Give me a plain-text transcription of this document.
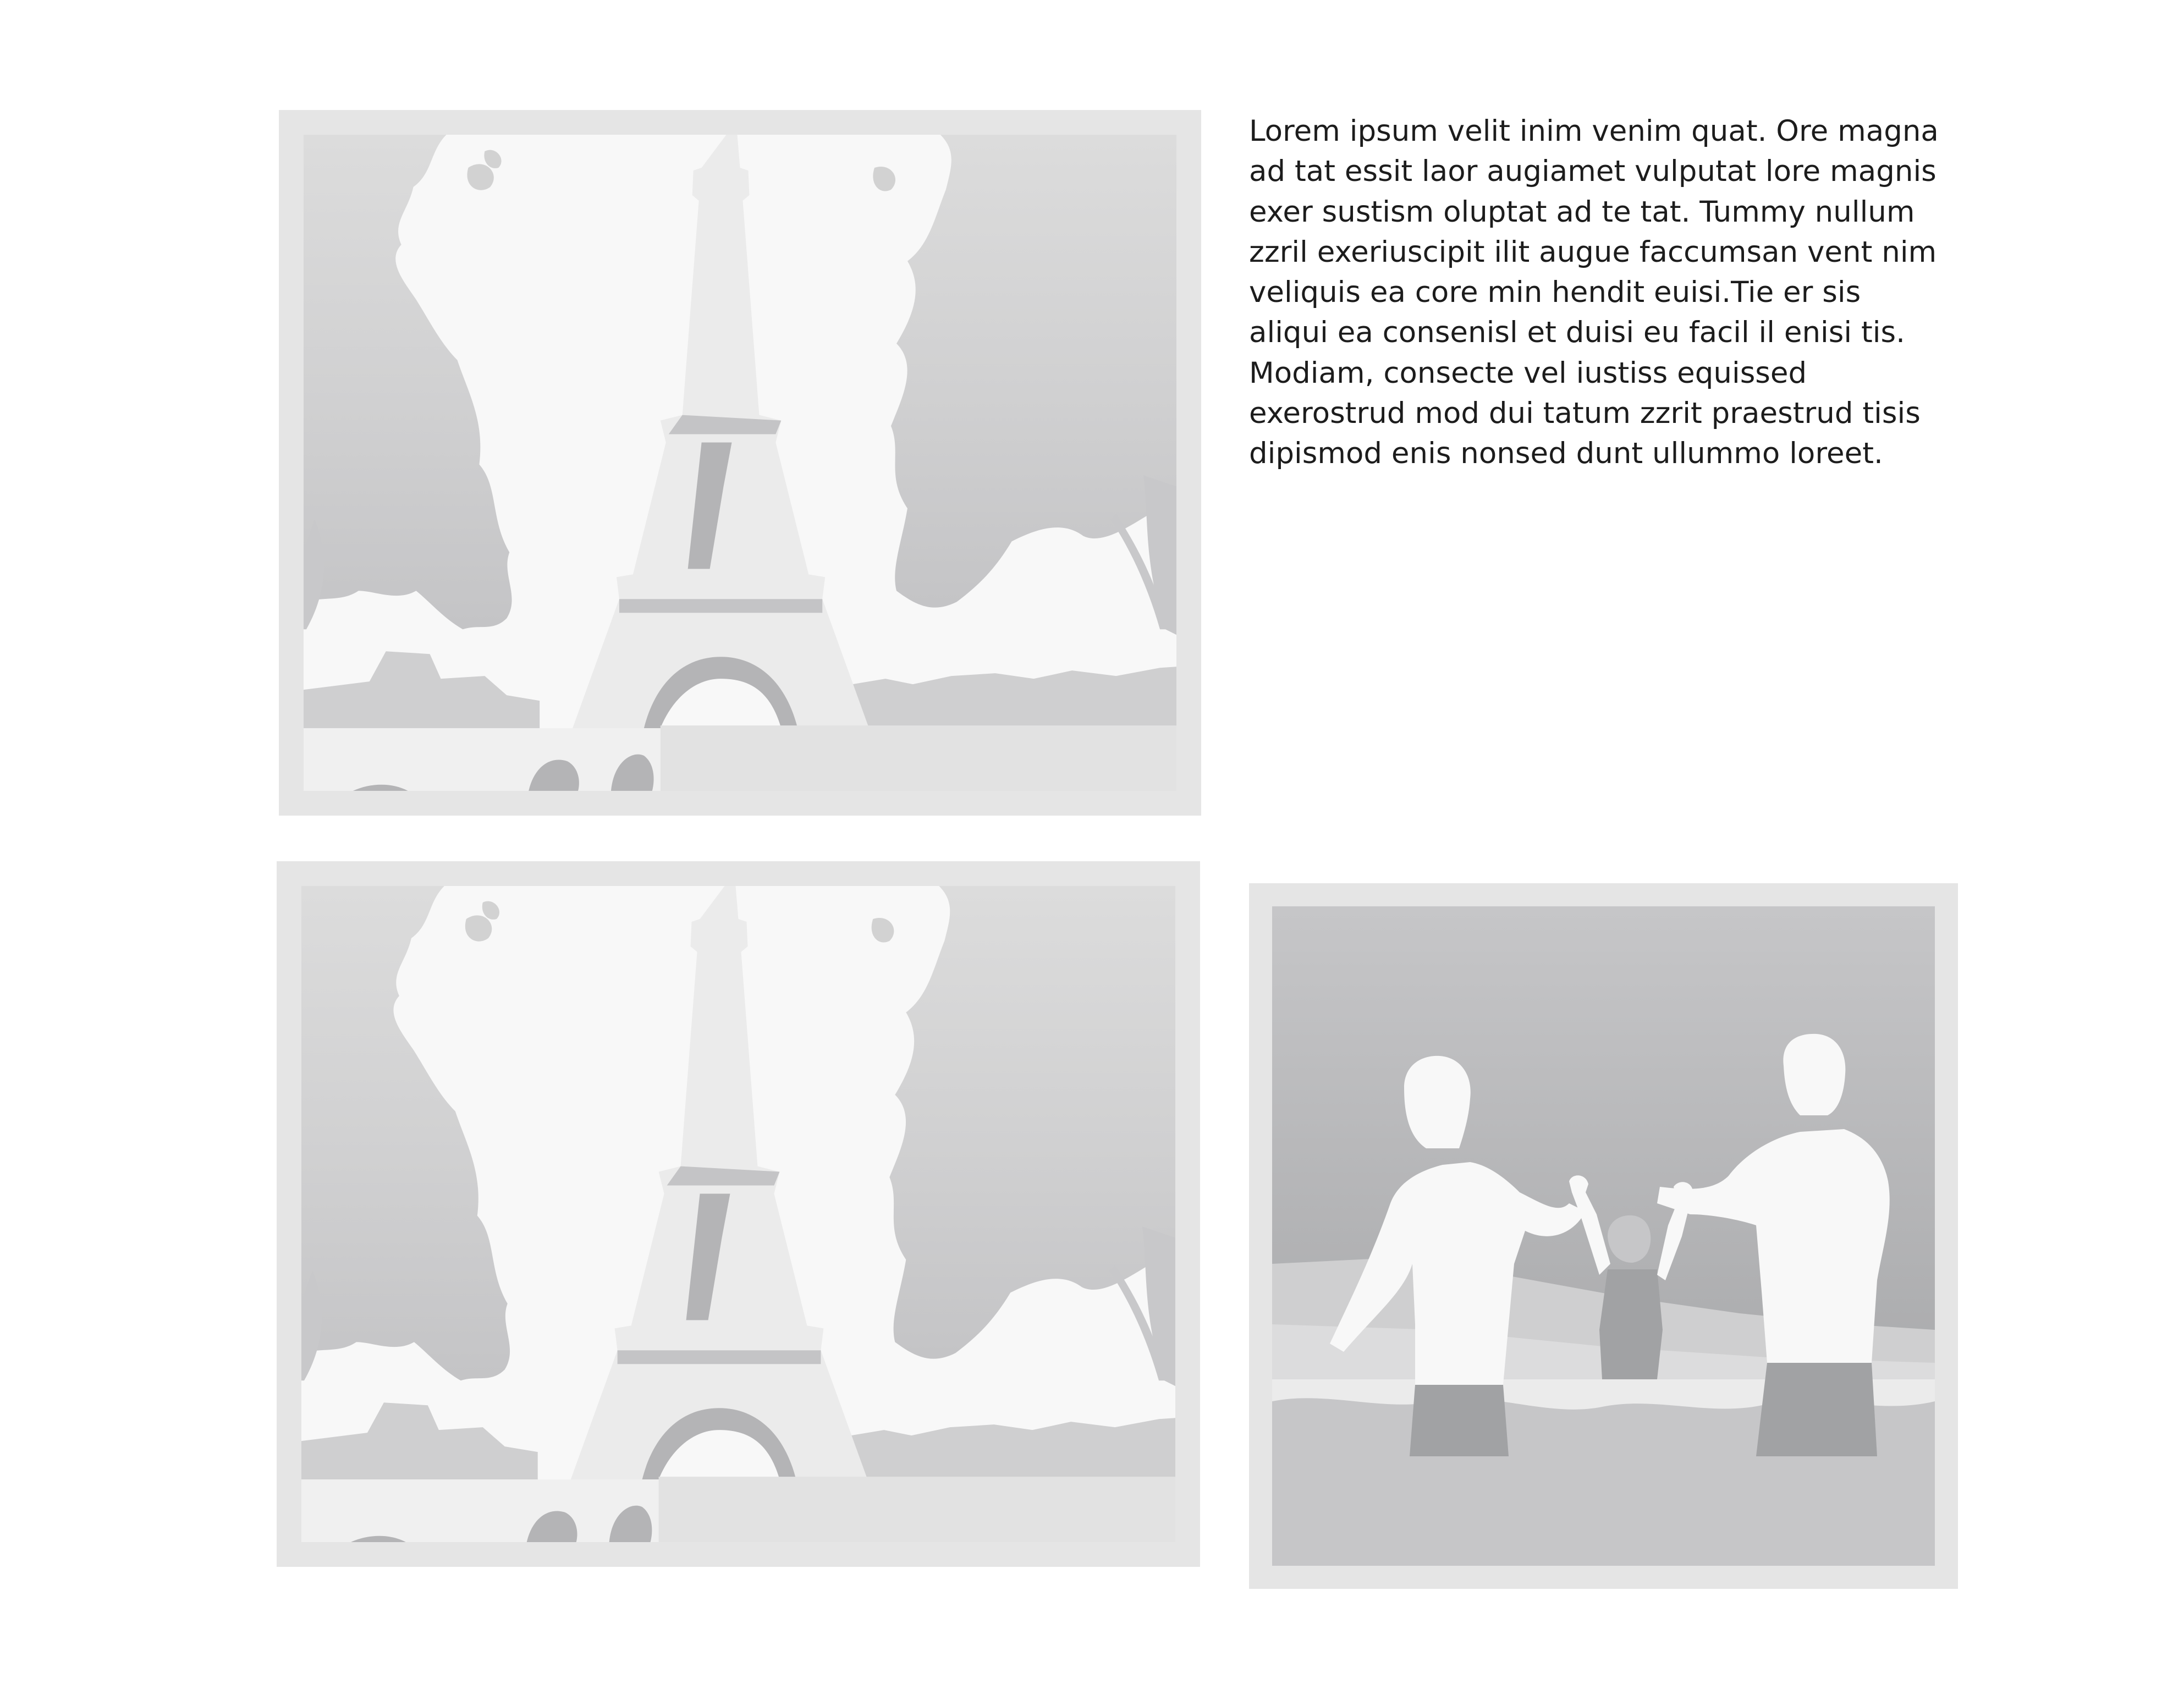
Lorem ipsum velit inim venim quat. Ore magna
ad tat essit laor augiamet vulputat lore magnis
exer sustism oluptat ad te tat. Tummy nullum
zzril exeriuscipit ilit augue faccumsan vent nim
veliquis ea core min hendit euisi.Tie er sis
aliqui ea consenisl et duisi eu facil il enisi tis.
Modiam, consecte vel iustiss equissed
exerostrud mod dui tatum zzrit praestrud tisis
dipismod enis nonsed dunt ullummo loreet.
